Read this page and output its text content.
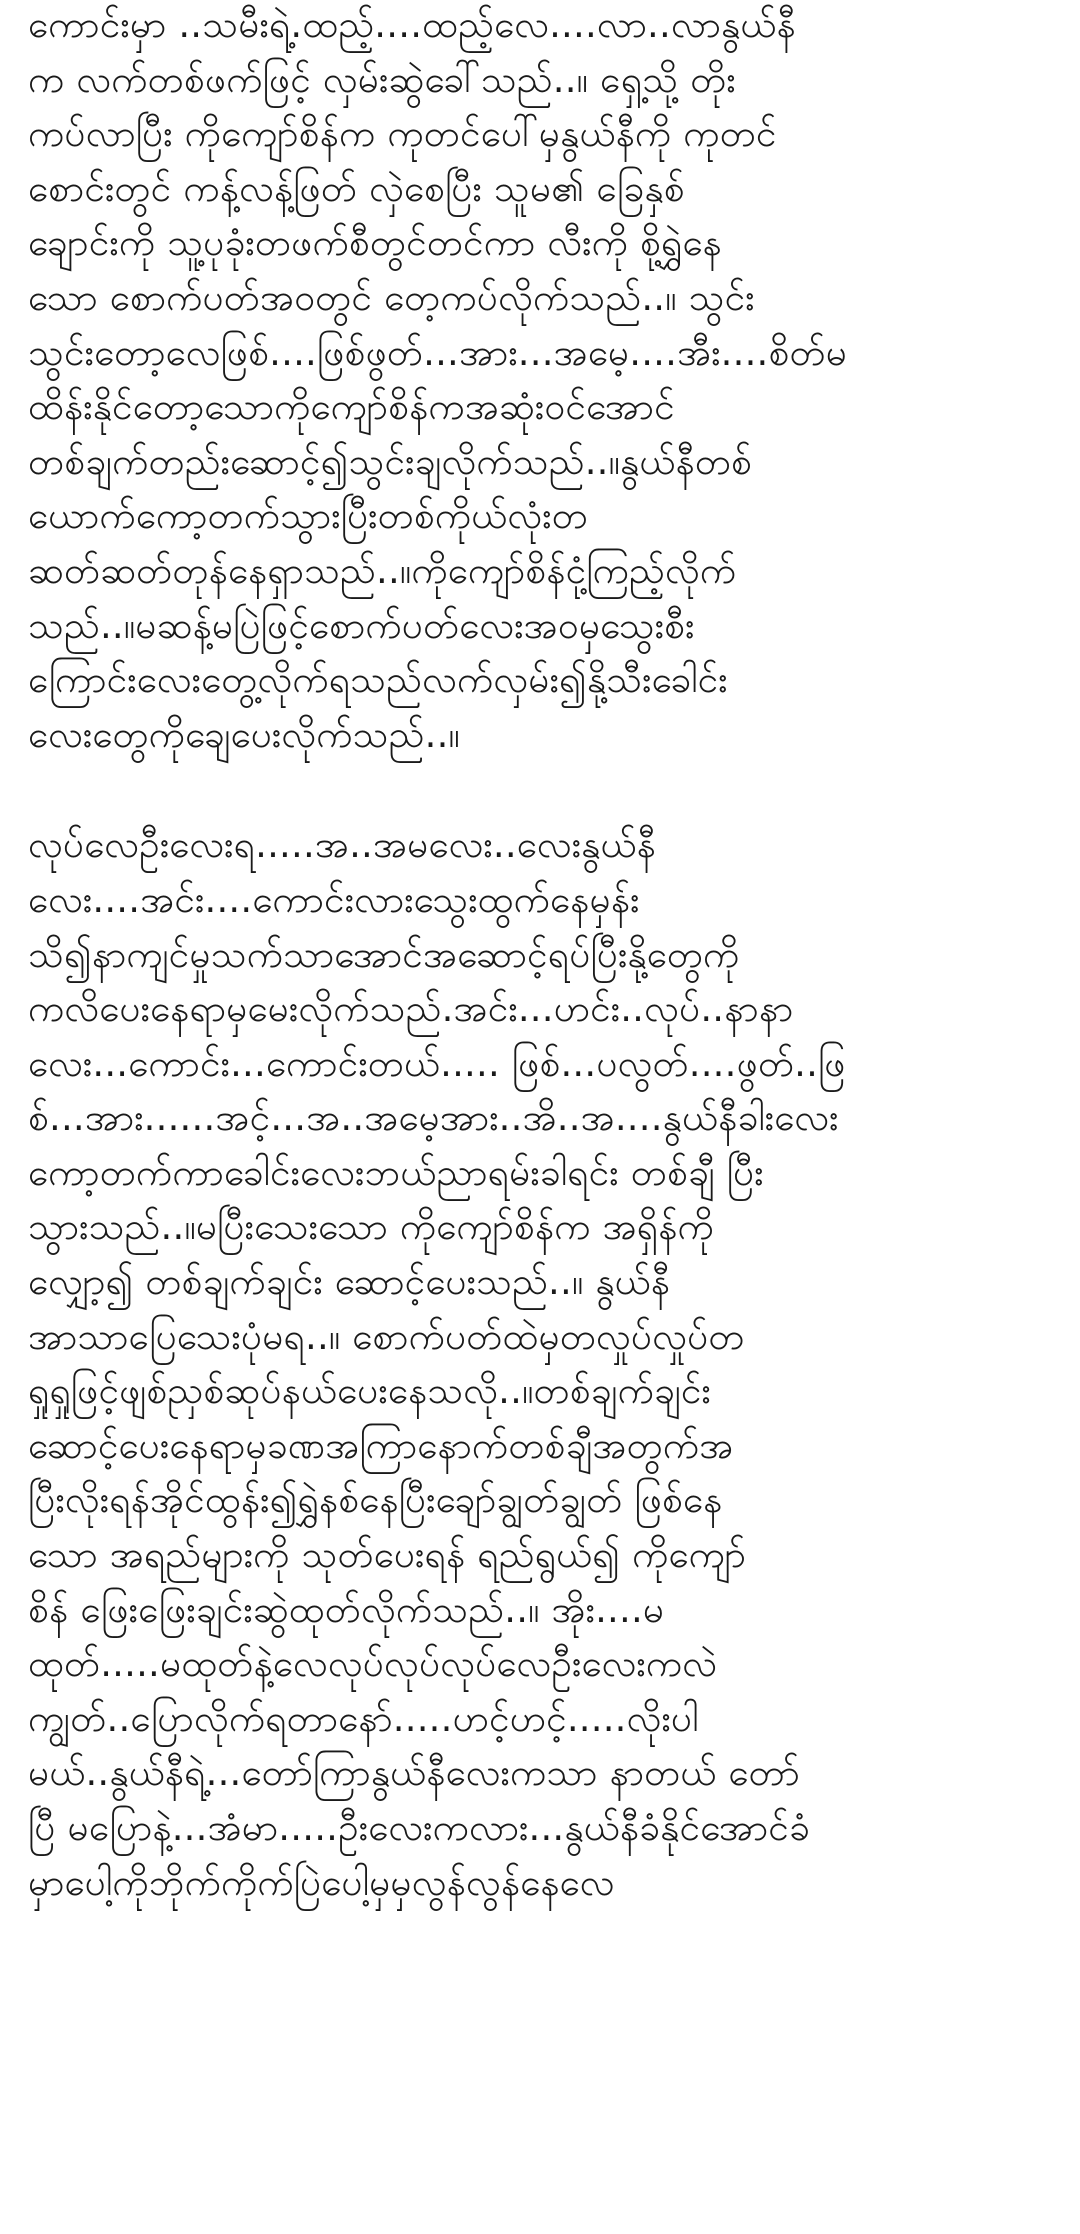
ကောင်းမှာ ..သမီးရဲ့.ထည့်....ထည့်လေ....လာ..လာနွယ်နီ
က လက်တစ်ဖက်ဖြင့် လှမ်းဆွဲခေါ်သည်..။ ရှေ့သို့ တိုး
ကပ်လာပြီး ကိုကျော်စိန်က ကုတင်ပေါ်မှနွယ်နီကို ကုတင်
စောင်းတွင် ကန့်လန့်ဖြတ် လှဲစေပြီး သူမ၏ ခြေနှစ်
ချောင်းကို သူ့ပုခုံးတဖက်စီတွင်တင်ကာ လီးကို စို့ရွှဲနေ
သော စောက်ပတ်အဝတွင် တေ့ကပ်လိုက်သည်..။ သွင်း
သွင်းတော့လေဖြစ်....ဖြစ်ဖွတ်...အား...အမေ့....အီး....စိတ်မ
ထိန်းနိုင်တော့သောကိုကျော်စိန်ကအဆုံးဝင်အောင်
တစ်ချက်တည်းဆောင့်၍သွင်းချလိုက်သည်..။နွယ်နီတစ်
ယောက်ကော့တက်သွားပြီးတစ်ကိုယ်လုံးတ
ဆတ်ဆတ်တုန်နေရှာသည်..။ကိုကျော်စိန်ငုံ့ကြည့်လိုက်
သည်..။မဆန့်မပြဲဖြင့်စောက်ပတ်လေးအဝမှသွေးစီး
ကြောင်းလေးတွေ့လိုက်ရသည်လက်လှမ်း၍နို့သီးခေါင်း
လေးတွေကိုချေပေးလိုက်သည်..။
လုပ်လေဦးလေးရ.....အ..အမလေး..လေးနွယ်နီ
လေး....အင်း....ကောင်းလားသွေးထွက်နေမှန်း
သိ၍နာကျင်မှုသက်သာအောင်အဆောင့်ရပ်ပြီးနို့တွေကို
ကလိပေးနေရာမှမေးလိုက်သည်.အင်း...ဟင်း..လုပ်..နာနာ
လေး...ကောင်း...ကောင်းတယ်..... ဖြစ်...ပလွတ်....ဖွတ်..ဖြ
စ်...အား......အင့်...အ..အမေ့အား..အိ..အ....နွယ်နီခါးလေး
ကော့တက်ကာခေါင်းလေးဘယ်ညာရမ်းခါရင်း တစ်ချီ ပြီး
သွားသည်..။မပြီးသေးသော ကိုကျော်စိန်က အရှိန်ကို
လျှော့၍ တစ်ချက်ချင်း ဆောင့်ပေးသည်..။ နွယ်နီ
အာသာပြေသေးပုံမရ..။ စောက်ပတ်ထဲမှတလှုပ်လှုပ်တ
ရှုရှုဖြင့်ဖျစ်ညှစ်ဆုပ်နယ်ပေးနေသလို..။တစ်ချက်ချင်း
ဆောင့်ပေးနေရာမှခဏအကြာနောက်တစ်ချီအတွက်အ
ပြီးလိုးရန်အိုင်ထွန်း၍ရွှဲနစ်နေပြီးချော်ချွတ်ချွတ် ဖြစ်နေ
သော အရည်များကို သုတ်ပေးရန် ရည်ရွယ်၍ ကိုကျော်
စိန် ဖြေးဖြေးချင်းဆွဲထုတ်လိုက်သည်..။ အိုး....မ
ထုတ်.....မထုတ်နဲ့လေလုပ်လုပ်လုပ်လေဦးလေးကလဲ
ကျွတ်..ပြောလိုက်ရတာနော်.....ဟင့်ဟင့်.....လိုးပါ
မယ်..နွယ်နီရဲ့...တော်ကြာနွယ်နီလေးကသာ နာတယ် တော်
ပြီ မပြောနဲ့...အံမာ.....ဦးလေးကလား...နွယ်နီခံနိုင်အောင်ခံ
မှာပေါ့ကိုဘိုက်ကိုက်ပြဲပေါ့မှမှလွန်လွန်နေလေ
